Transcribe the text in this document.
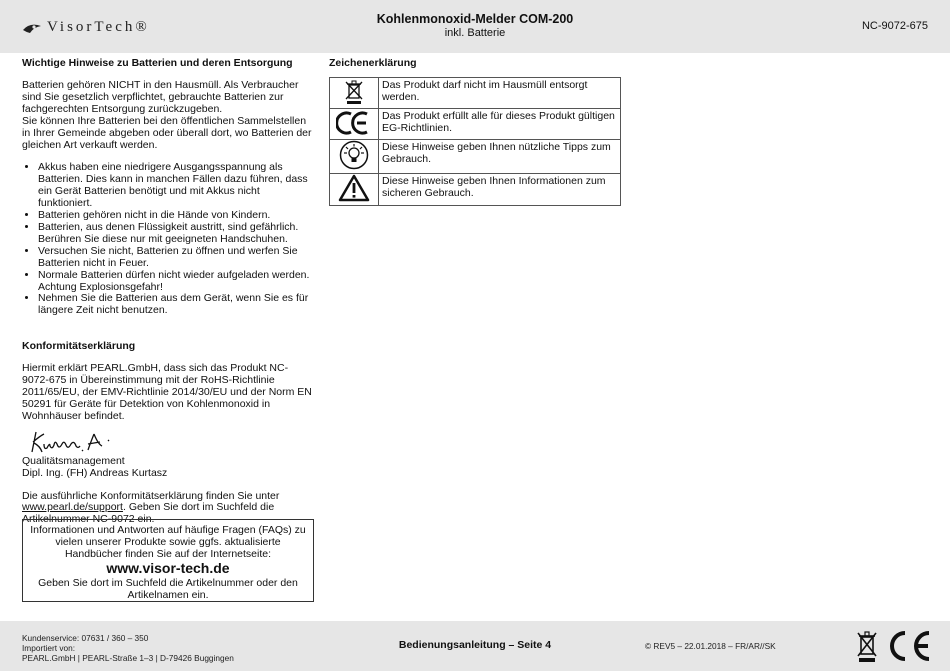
VisorTech®	Kohlenmonoxid-Melder COM-200
inkl. Batterie
NC-9072-675
Wichtige Hinweise zu Batterien und deren Entsorgung

Batterien gehören NICHT in den Hausmüll. Als Verbraucher sind Sie gesetzlich verpflichtet, gebrauchte Batterien zur fachgerechten Entsorgung zurückzugeben.

Sie können Ihre Batterien bei den öffentlichen Sammelstellen in Ihrer Gemeinde abgeben oder überall dort, wo Batterien der gleichen Art verkauft werden.

• Akkus haben eine niedrigere Ausgangsspannung als Batterien. Dies kann in manchen Fällen dazu führen, dass ein Gerät Batterien benötigt und mit Akkus nicht funktioniert.
• Batterien gehören nicht in die Hände von Kindern.
• Batterien, aus denen Flüssigkeit austritt, sind gefährlich. Berühren Sie diese nur mit geeigneten Handschuhen.
• Versuchen Sie nicht, Batterien zu öffnen und werfen Sie Batterien nicht in Feuer.
• Normale Batterien dürfen nicht wieder aufgeladen werden. Achtung Explosionsgefahr!
• Nehmen Sie die Batterien aus dem Gerät, wenn Sie es für längere Zeit nicht benutzen.
Konformitätserklärung

Hiermit erklärt PEARL.GmbH, dass sich das Produkt NC-9072-675 in Übereinstimmung mit der RoHS-Richtlinie 2011/65/EU, der EMV-Richtlinie 2014/30/EU und der Norm EN 50291 für Geräte für Detektion von Kohlenmonoxid in Wohnhäuser befindet.

Qualitätsmanagement

Dipl. Ing. (FH) Andreas Kurtasz

Die ausführliche Konformitätserklärung finden Sie unter
www.pearl.de/support. Geben Sie dort im Suchfeld die Artikelnummer NC-9072 ein.

Informationen und Antworten auf häufige Fragen (FAQs) zu vielen unserer Produkte sowie ggfs. aktualisierte Handbücher finden Sie auf der Internetseite:

www.visor-tech.de

Geben Sie dort im Suchfeld die Artikelnummer oder den Artikelnamen ein.

Zeichenerklärung
	Das Produkt darf nicht im Hausmüll entsorgt werden.
	Das Produkt erfüllt alle für dieses Produkt gültigen EG-Richtlinien.
	Diese Hinweise geben Ihnen nützliche Tipps zum Gebrauch.
	Diese Hinweise geben Ihnen Informationen zum sicheren Gebrauch.
Kundenservice: 07631 / 360 – 350
Importiert von:
PEARL.GmbH | PEARL-Straße 1–3 | D-79426 Buggingen
Bedienungsanleitung – Seite 4	© REV5 – 22.01.2018 – FR/AR//SK
